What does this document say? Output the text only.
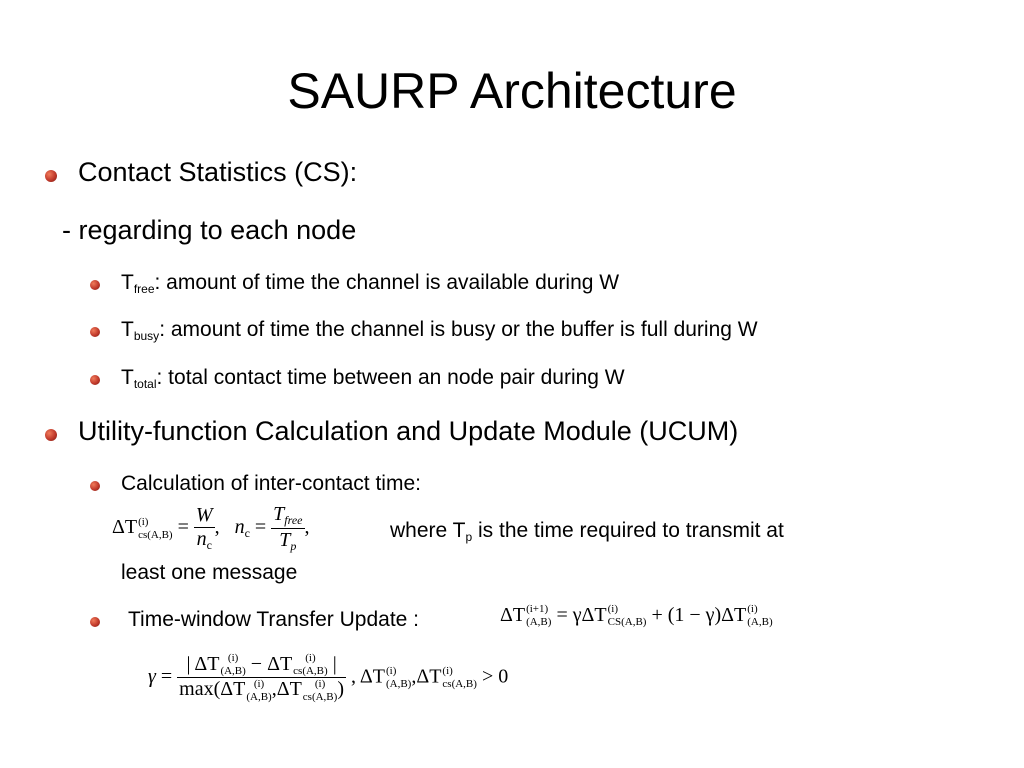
SAURP Architecture
Contact Statistics (CS):
- regarding to each node
$T_{free}$: amount of time the channel is available during W
$T_{busy}$: amount of time the channel is busy or the buffer is full during W
$T_{total}$: total contact time between an node pair during W
Utility-function Calculation and Update Module (UCUM)
Calculation of inter-contact time:
ΔT (i)
$cs(A,B) = \frac{W}{n_c}$ , $n_c = \frac{T_{free}}{T_p}$ ,	where $T_p$ is the time required to transmit at
least one message
Time-window Transfer Update :	ΔT (i+1)
(A,B) = γΔT (i)
CS(A,B) + (1 − γ)ΔT (i)
(A,B)
γ = | ΔT (i)
(A,B) − ΔT	(i)
cs(A,B) |
max(ΔT (i)
(A,B) ,ΔT	(i)
cs(A,B) ) , ΔT (i)
(A,B) ,ΔT (i)
cs(A,B) > 0
